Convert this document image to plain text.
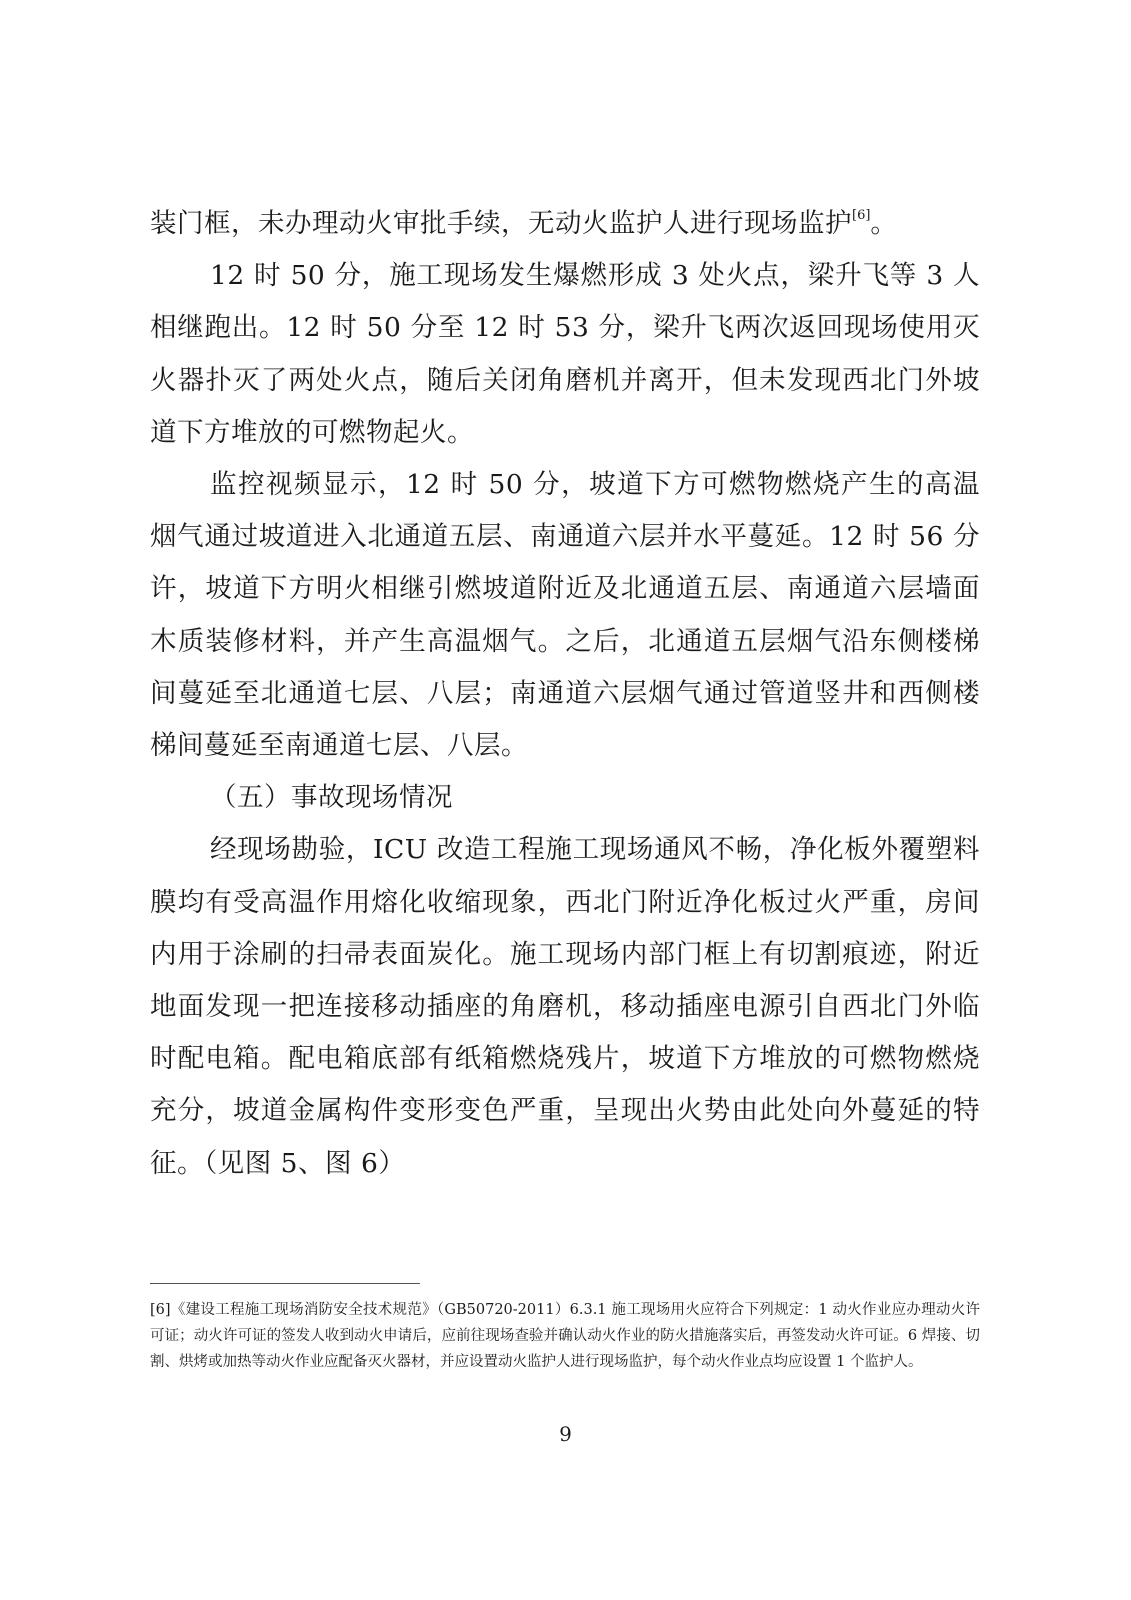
装门框，未办理动火审批手续，无动火监护人进行现场监护[6]。

12 时 50 分，施工现场发生爆燃形成 3 处火点，梁升飞等 3 人相继跑出。12 时 50 分至 12 时 53 分，梁升飞两次返回现场使用灭火器扑灭了两处火点，随后关闭角磨机并离开，但未发现西北门外坡道下方堆放的可燃物起火。

监控视频显示，12 时 50 分，坡道下方可燃物燃烧产生的高温烟气通过坡道进入北通道五层、南通道六层并水平蔓延。12 时 56 分许，坡道下方明火相继引燃坡道附近及北通道五层、南通道六层墙面木质装修材料，并产生高温烟气。之后，北通道五层烟气沿东侧楼梯间蔓延至北通道七层、八层；南通道六层烟气通过管道竖井和西侧楼梯间蔓延至南通道七层、八层。

（五）事故现场情况

经现场勘验，ICU 改造工程施工现场通风不畅，净化板外覆塑料膜均有受高温作用熔化收缩现象，西北门附近净化板过火严重，房间内用于涂刷的扫帚表面炭化。施工现场内部门框上有切割痕迹，附近地面发现一把连接移动插座的角磨机，移动插座电源引自西北门外临时配电箱。配电箱底部有纸箱燃烧残片，坡道下方堆放的可燃物燃烧充分，坡道金属构件变形变色严重，呈现出火势由此处向外蔓延的特征。（见图 5、图 6）

[6]《建设工程施工现场消防安全技术规范》（GB50720-2011）6.3.1 施工现场用火应符合下列规定：1 动火作业应办理动火许可证；动火许可证的签发人收到动火申请后，应前往现场查验并确认动火作业的防火措施落实后，再签发动火许可证。6 焊接、切割、烘烤或加热等动火作业应配备灭火器材，并应设置动火监护人进行现场监护，每个动火作业点均应设置 1 个监护人。

9
